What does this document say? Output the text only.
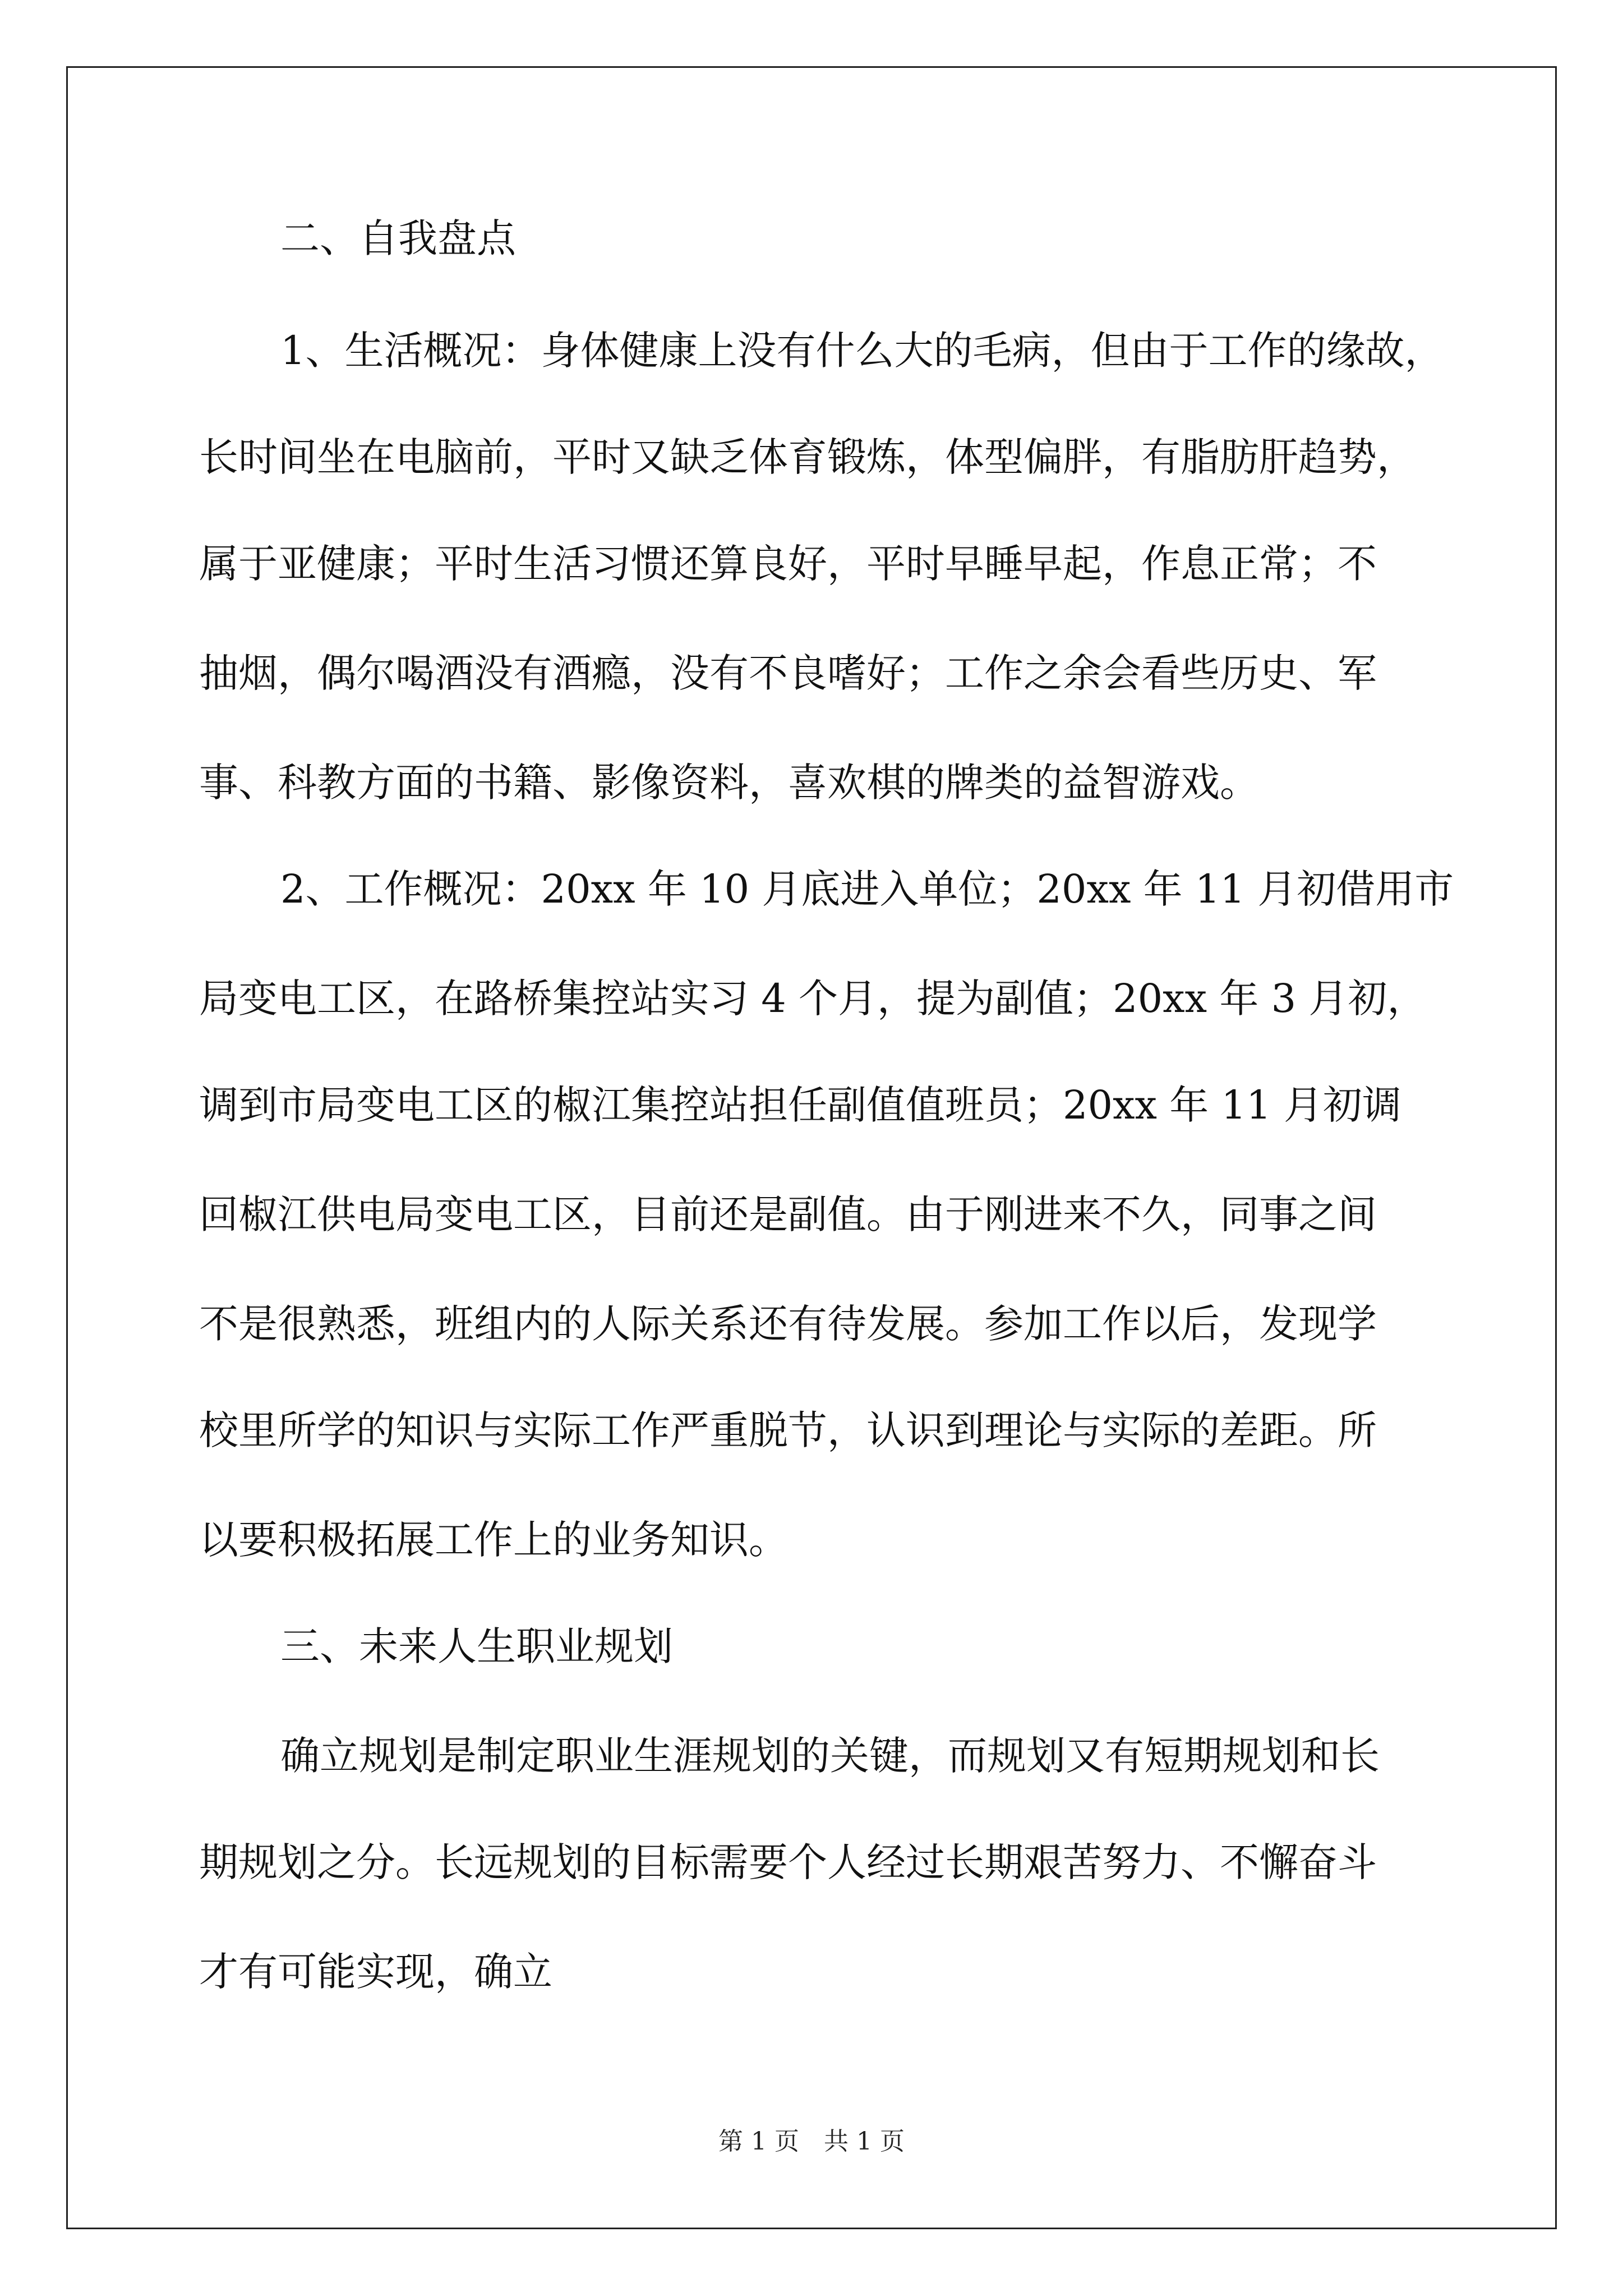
二、自我盘点
1、生活概况：身体健康上没有什么大的毛病，但由于工作的缘故，
长时间坐在电脑前，平时又缺乏体育锻炼，体型偏胖，有脂肪肝趋势，
属于亚健康；平时生活习惯还算良好，平时早睡早起，作息正常；不
抽烟，偶尔喝酒没有酒瘾，没有不良嗜好；工作之余会看些历史、军
事、科教方面的书籍、影像资料，喜欢棋的牌类的益智游戏。
2、工作概况：20xx 年 10 月底进入单位；20xx 年 11 月初借用市
局变电工区，在路桥集控站实习 4 个月，提为副值；20xx 年 3 月初，
调到市局变电工区的椒江集控站担任副值值班员；20xx 年 11 月初调
回椒江供电局变电工区，目前还是副值。由于刚进来不久，同事之间
不是很熟悉，班组内的人际关系还有待发展。参加工作以后，发现学
校里所学的知识与实际工作严重脱节，认识到理论与实际的差距。所
以要积极拓展工作上的业务知识。
三、未来人生职业规划
确立规划是制定职业生涯规划的关键，而规划又有短期规划和长
期规划之分。长远规划的目标需要个人经过长期艰苦努力、不懈奋斗
才有可能实现，确立
第 1 页　共 1 页
